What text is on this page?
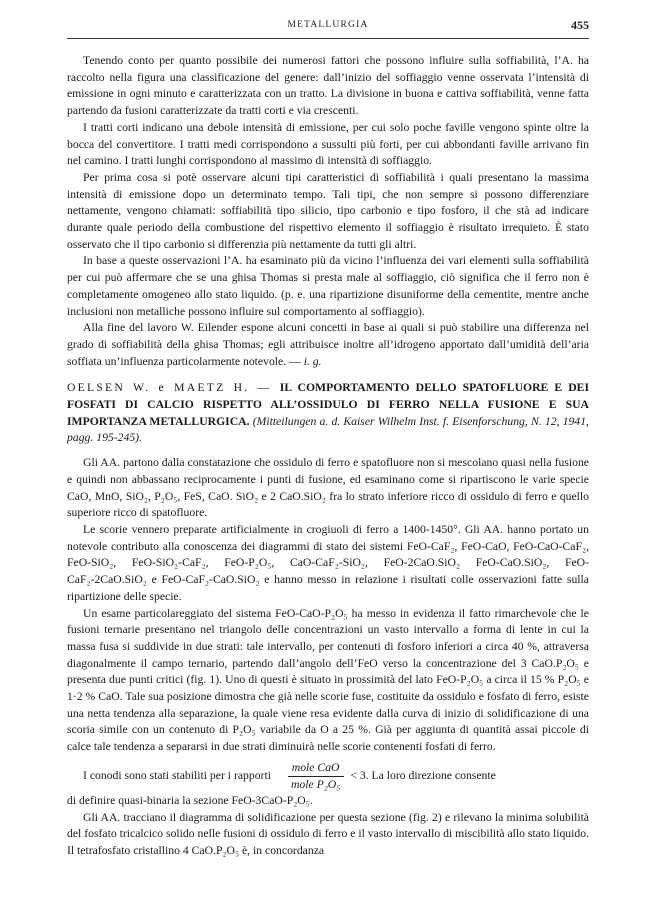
METALLURGIA	455

Tenendo conto per quanto possibile dei numerosi fattori che possono influire sulla soffiabilità, l’A. ha raccolto nella figura una classificazione del genere: dall’inizio del soffiaggio venne osservata l’intensità di emissione in ogni minuto e caratterizzata con un tratto. La divisione in buona e cattiva soffiabilità, venne fatta partendo da fusioni caratterizzate da tratti corti e via crescenti.

I tratti corti indicano una debole intensità di emissione, per cui solo poche faville vengono spinte oltre la bocca del convertitore. I tratti medi corrispondono a sussulti più forti, per cui abbondanti faville arrivano fin nel camino. I tratti lunghi corrispondono al massimo di intensità di soffiaggio.

Per prima cosa si potè osservare alcuni tipi caratteristici di soffiabilità i quali presentano la massima intensità di emissione dopo un determinato tempo. Tali tipi, che non sempre si possono differenziare nettamente, vengono chiamati: soffiabilità tipo silicio, tipo carbonio e tipo fosforo, il che stà ad indicare durante quale periodo della combustione del rispettivo elemento il soffiaggio è risultato irrequieto. È stato osservato che il tipo carbonio si differenzia più nettamente da tutti gli altri.

In base a queste osservazioni l’A. ha esaminato più da vicino l’influenza dei vari elementi sulla soffiabilità per cui può affermare che se una ghisa Thomas si presta male al soffiaggio, ciò significa che il ferro non è completamente omogeneo allo stato liquido. (p. e. una ripartizione disuniforme della cementite, mentre anche inclusioni non metalliche possono influire sul comportamento al soffiaggio).

Alla fine del lavoro W. Eilender espone alcuni concetti in base ai quali si può stabilire una differenza nel grado di soffiabilità della ghisa Thomas; egli attribuisce inoltre all’idrogeno apportato dall’umidità dell’aria soffiata un’influenza particolarmente notevole. — i. g.

OELSEN W. e MAETZ H. — IL COMPORTAMENTO DELLO SPATOFLUORE E DEI FOSFATI DI CALCIO RISPETTO ALL’OSSIDULO DI FERRO NELLA FUSIONE E SUA IMPORTANZA METALLURGICA. (Mitteilungen a. d. Kaiser Wilhelm Inst. f. Eisenforschung, N. 12, 1941, pagg. 195-245).

Gli AA. partono dalla constatazione che ossidulo di ferro e spatofluore non si mescolano quasi nella fusione e quindi non abbassano reciprocamente i punti di fusione, ed esaminano come si ripartiscono le varie specie CaO, MnO, SiO₂, P₂O₅, FeS, CaO. SiO₂ e 2 CaO.SiO₂ fra lo strato inferiore ricco di ossidulo di ferro e quello superiore ricco di spatofluore.

Le scorie vennero preparate artificialmente in crogiuoli di ferro a 1400-1450°. Gli AA. hanno portato un notevole contributo alla conoscenza dei diagrammi di stato dei sistemi FeO-CaF₂, FeO-CaO, FeO-CaO-CaF₂, FeO-SiO₂, FeO-SiO₂-CaF₂, FeO-P₂O₅, CaO-CaF₂-SiO₂, FeO-2CaO.SiO₂ FeO-CaO.SiO₂, FeO-CaF₂-2CaO.SiO₂ e FeO-CaF₂-CaO.SiO₂ e hanno messo in relazione i risultati colle osservazioni fatte sulla ripartizione delle specie.

Un esame particolareggiato del sistema FeO-CaO-P₂O₅ ha messo in evidenza il fatto rimarchevole che le fusioni ternarie presentano nel triangolo delle concentrazioni un vasto intervallo a forma di lente in cui la massa fusa si suddivide in due strati: tale intervallo, per contenuti di fosforo inferiori a circa 40 %, attraversa diagonalmente il campo ternario, partendo dall’angolo dell’FeO verso la concentrazione del 3 CaO.P₂O₅ e presenta due punti critici (fig. 1). Uno di questi è situato in prossimità del lato FeO-P₂O₅ a circa il 15 % P₂O₅ e 1·2 % CaO. Tale sua posizione dimostra che già nelle scorie fuse, costituite da ossidulo e fosfato di ferro, esiste una netta tendenza alla separazione, la quale viene resa evidente dalla curva di inizio di solidificazione di una scoria simile con un contenuto di P₂O₅ variabile da O a 25 %. Già per aggiunta di quantità assai piccole di calce tale tendenza a separarsi in due strati diminuirà nelle scorie contenenti fosfati di ferro.

I conodi sono stati stabiliti per i rapporti $\frac{\text{mole CaO}}{\text{mole P₂O₅}} < 3$. La loro direzione consente

di definire quasi-binaria la sezione FeO-3CaO-P₂O₅.

Gli AA. tracciano il diagramma di solidificazione per questa sezione (fig. 2) e rilevano la minima solubilità del fosfato tricalcico solido nelle fusioni di ossidulo di ferro e il vasto intervallo di miscibilità allo stato liquido. Il tetrafosfato cristallino 4 CaO.P₂O₅ è, in concordanza
